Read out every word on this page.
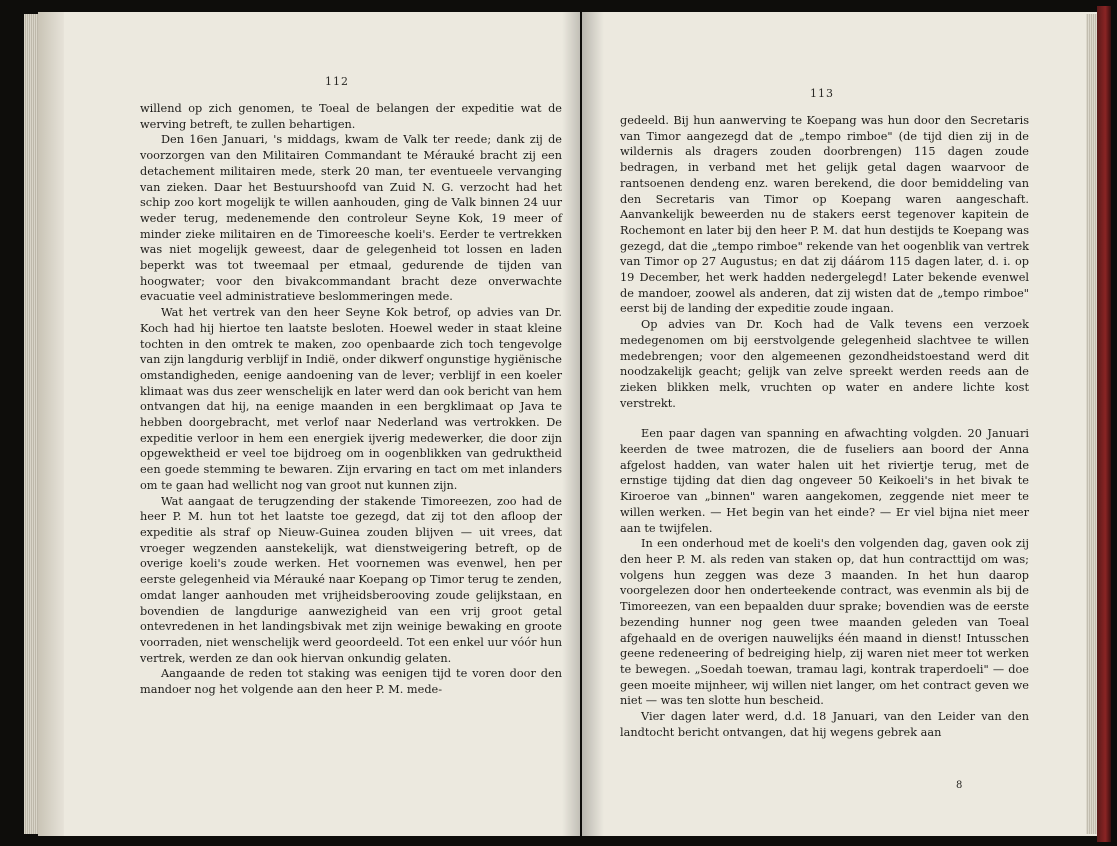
112

willend op zich genomen, te Toeal de belangen der expeditie wat de werving betreft, te zullen behartigen.

Den 16en Januari, 's middags, kwam de Valk ter reede; dank zij de voorzorgen van den Militairen Commandant te Mérauké bracht zij een detachement militairen mede, sterk 20 man, ter eventueele vervanging van zieken. Daar het Bestuurshoofd van Zuid N. G. verzocht had het schip zoo kort mogelijk te willen aanhouden, ging de Valk binnen 24 uur weder terug, medenemende den controleur Seyne Kok, 19 meer of minder zieke militairen en de Timoreesche koeli's. Eerder te vertrekken was niet mogelijk geweest, daar de gelegenheid tot lossen en laden beperkt was tot tweemaal per etmaal, gedurende de tijden van hoogwater; voor den bivakcommandant bracht deze onverwachte evacuatie veel administratieve beslommeringen mede.

Wat het vertrek van den heer Seyne Kok betrof, op advies van Dr. Koch had hij hiertoe ten laatste besloten. Hoewel weder in staat kleine tochten in den omtrek te maken, zoo openbaarde zich toch tengevolge van zijn langdurig verblijf in Indië, onder dikwerf ongunstige hygiënische omstandigheden, eenige aandoening van de lever; verblijf in een koeler klimaat was dus zeer wenschelijk en later werd dan ook bericht van hem ontvangen dat hij, na eenige maanden in een bergklimaat op Java te hebben doorgebracht, met verlof naar Nederland was vertrokken. De expeditie verloor in hem een energiek ijverig medewerker, die door zijn opgewektheid er veel toe bijdroeg om in oogenblikken van gedruktheid een goede stemming te bewaren. Zijn ervaring en tact om met inlanders om te gaan had wellicht nog van groot nut kunnen zijn.

Wat aangaat de terugzending der stakende Timoreezen, zoo had de heer P. M. hun tot het laatste toe gezegd, dat zij tot den afloop der expeditie als straf op Nieuw-Guinea zouden blijven — uit vrees, dat vroeger wegzenden aanstekelijk, wat dienstweigering betreft, op de overige koeli's zoude werken. Het voornemen was evenwel, hen per eerste gelegenheid via Mérauké naar Koepang op Timor terug te zenden, omdat langer aanhouden met vrijheidsberooving zoude gelijkstaan, en bovendien de langdurige aanwezigheid van een vrij groot getal ontevredenen in het landingsbivak met zijn weinige bewaking en groote voorraden, niet wenschelijk werd geoordeeld. Tot een enkel uur vóór hun vertrek, werden ze dan ook hiervan onkundig gelaten.

Aangaande de reden tot staking was eenigen tijd te voren door den mandoer nog het volgende aan den heer P. M. mede-

113

gedeeld. Bij hun aanwerving te Koepang was hun door den Secretaris van Timor aangezegd dat de „tempo rimboe" (de tijd dien zij in de wildernis als dragers zouden doorbrengen) 115 dagen zoude bedragen, in verband met het gelijk getal dagen waarvoor de rantsoenen dendeng enz. waren berekend, die door bemiddeling van den Secretaris van Timor op Koepang waren aangeschaft. Aanvankelijk beweerden nu de stakers eerst tegenover kapitein de Rochemont en later bij den heer P. M. dat hun destijds te Koepang was gezegd, dat die „tempo rimboe" rekende van het oogenblik van vertrek van Timor op 27 Augustus; en dat zij dáárom 115 dagen later, d. i. op 19 December, het werk hadden nedergelegd! Later bekende evenwel de mandoer, zoowel als anderen, dat zij wisten dat de „tempo rimboe" eerst bij de landing der expeditie zoude ingaan.

Op advies van Dr. Koch had de Valk tevens een verzoek medegenomen om bij eerstvolgende gelegenheid slachtvee te willen medebrengen; voor den algemeenen gezondheidstoestand werd dit noodzakelijk geacht; gelijk van zelve spreekt werden reeds aan de zieken blikken melk, vruchten op water en andere lichte kost verstrekt.

Een paar dagen van spanning en afwachting volgden. 20 Januari keerden de twee matrozen, die de fuseliers aan boord der Anna afgelost hadden, van water halen uit het riviertje terug, met de ernstige tijding dat dien dag ongeveer 50 Keikoeli's in het bivak te Kiroeroe van „binnen" waren aangekomen, zeggende niet meer te willen werken. — Het begin van het einde? — Er viel bijna niet meer aan te twijfelen.

In een onderhoud met de koeli's den volgenden dag, gaven ook zij den heer P. M. als reden van staken op, dat hun contracttijd om was; volgens hun zeggen was deze 3 maanden. In het hun daarop voorgelezen door hen onderteekende contract, was evenmin als bij de Timoreezen, van een bepaalden duur sprake; bovendien was de eerste bezending hunner nog geen twee maanden geleden van Toeal afgehaald en de overigen nauwelijks één maand in dienst! Intusschen geene redeneering of bedreiging hielp, zij waren niet meer tot werken te bewegen. „Soedah toewan, tramau lagi, kontrak traperdoeli" — doe geen moeite mijnheer, wij willen niet langer, om het contract geven we niet — was ten slotte hun bescheid.

Vier dagen later werd, d.d. 18 Januari, van den Leider van den landtocht bericht ontvangen, dat hij wegens gebrek aan

8
